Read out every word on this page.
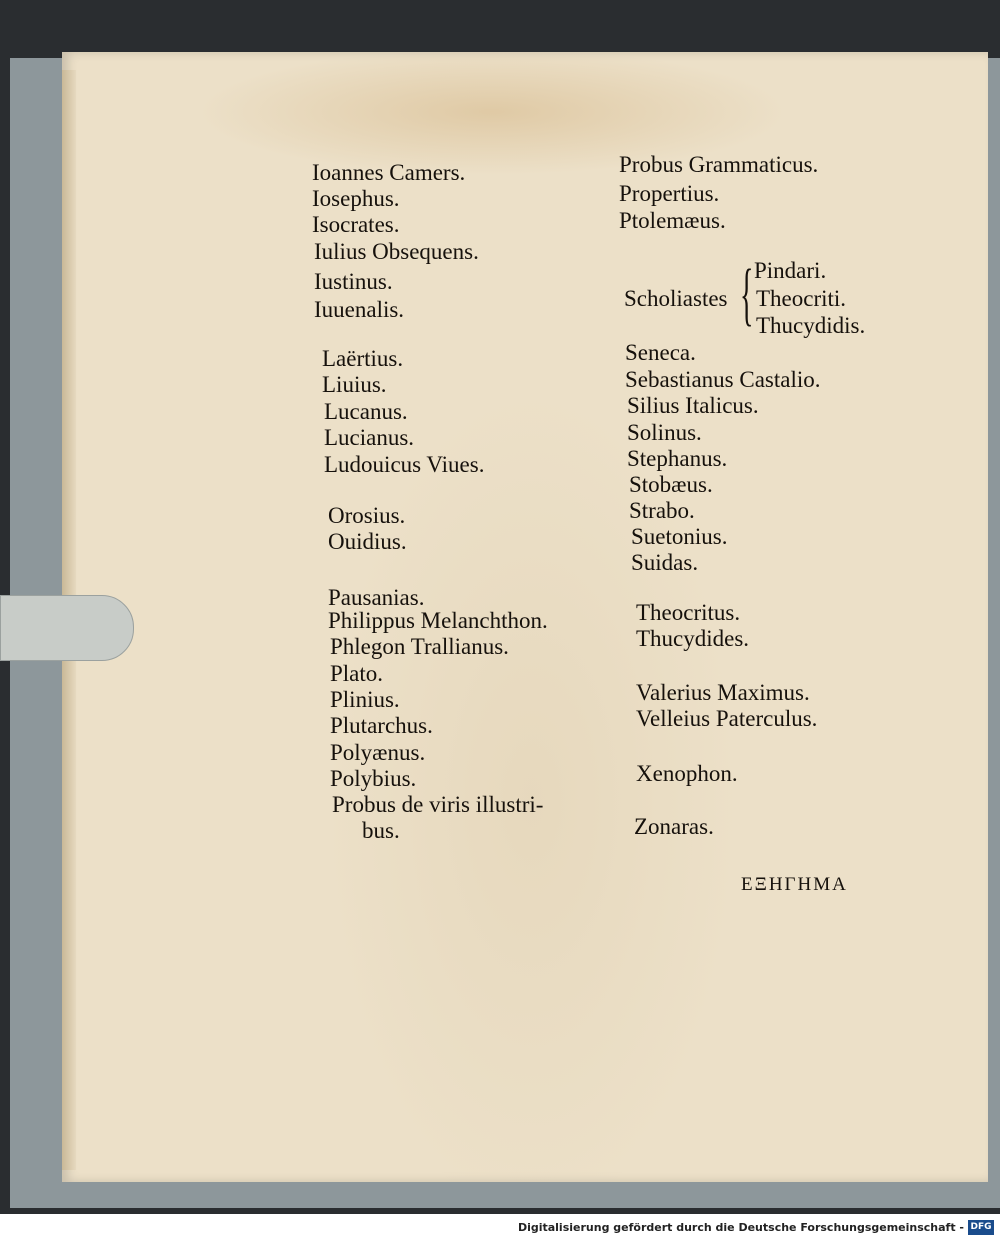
Ioannes Camers.
Iosephus.
Isocrates.
Iulius Obsequens.
Iustinus.
Iuuenalis.
Laërtius.
Liuius.
Lucanus.
Lucianus.
Ludouicus Viues.
Orosius.
Ouidius.
Pausanias.
Philippus Melanchthon.
Phlegon Trallianus.
Plato.
Plinius.
Plutarchus.
Polyænus.
Polybius.
Probus de viris illustri-
bus.
Probus Grammaticus.
Propertius.
Ptolemæus.
Pindari.
Scholiastes Theocriti.
Thucydidis.
Seneca.
Sebastianus Castalio.
Silius Italicus.
Solinus.
Stephanus.
Stobæus.
Strabo.
Suetonius.
Suidas.
Theocritus.
Thucydides.
Valerius Maximus.
Velleius Paterculus.
Xenophon.
Zonaras.
{
ΕΞΗΓΗΜΑ
Digitalisierung gefördert durch die Deutsche Forschungsgemeinschaft - DFG
